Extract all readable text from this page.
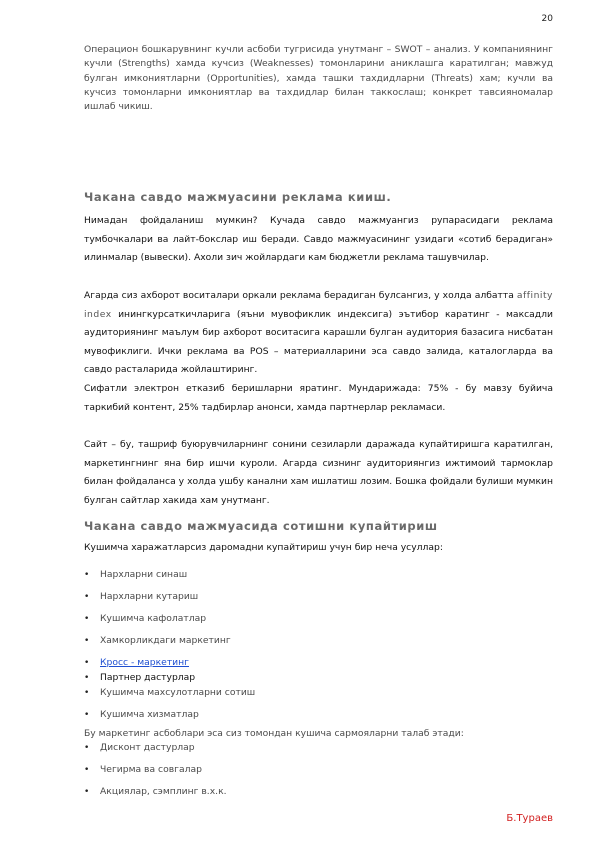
20

Операцион бошкарувнинг кучли асбоби тугрисида унутманг – SWOT – анализ. У компаниянинг кучли (Strengths) хамда кучсиз (Weaknesses) томонларини аниклашга каратилган; мавжуд булган имкониятларни (Opportunities), хамда ташки тахдидларни (Threats) хам; кучли ва кучсиз томонларни имкониятлар ва тахдидлар билан таккослаш; конкрет тавсияномалар ишлаб чикиш.

Чакана савдо мажмуасини реклама кииш.

Нимадан фойдаланиш мумкин? Кучада савдо мажмуангиз рупарасидаги реклама тумбочкалари ва лайт-бокслар иш беради. Савдо мажмуасининг узидаги «сотиб берадиган» илинмалар (вывески). Ахоли зич жойлардаги кам бюджетли реклама ташувчилар.

Агарда сиз ахборот воситалари оркали реклама берадиган булсангиз, у холда албатта affinity index инингкурсаткичларига (яъни мувофиклик индексига) эътибор каратинг - максадли аудиториянинг маълум бир ахборот воситасига карашли булган аудитория базасига нисбатан мувофиклиги. Ички реклама ва POS – материалларини эса савдо залида, каталогларда ва савдо расталарида жойлаштиринг.

Сифатли электрон етказиб беришларни яратинг. Мундарижада: 75% - бу мавзу буйича таркибий контент, 25% тадбирлар анонси, хамда партнерлар рекламаси.

Сайт – бу, ташриф буюрувчиларнинг сонини сезиларли даражада купайтиришга каратилган, маркетингнинг яна бир ишчи куроли. Агарда сизнинг аудиториянгиз ижтимоий тармоклар билан фойдаланса у холда ушбу канални хам ишлатиш лозим. Бошка фойдали булиши мумкин булган сайтлар хакида хам унутманг.

Чакана савдо мажмуасида сотишни купайтириш

Кушимча харажатларсиз даромадни купайтириш учун бир неча усуллар:

• Нархларни синаш
• Нархларни кутариш
• Кушимча кафолатлар
• Хамкорликдаги маркетинг
• Кросс - маркетинг
• Партнер дастурлар
• Кушимча махсулотларни сотиш
• Кушимча хизматлар

Бу маркетинг асбоблари эса сиз томондан кушича сармояларни талаб этади:

• Дисконт дастурлар
• Чегирма ва совгалар
• Акциялар, сэмплинг в.х.к.
Б.Тураев
